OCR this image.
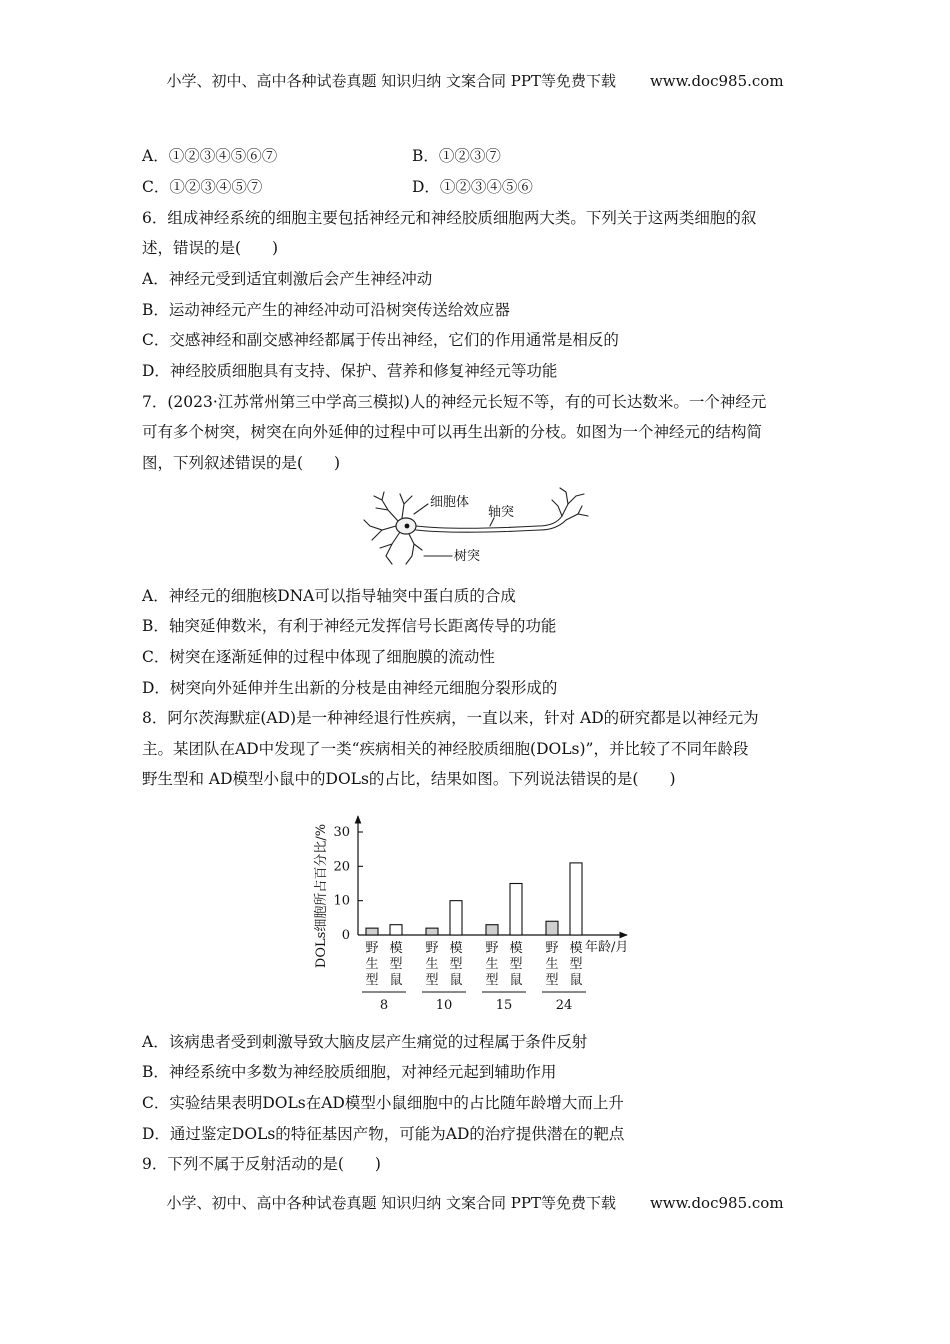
小学、初中、高中各种试卷真题 知识归纳 文案合同 PPT等免费下载 www.doc985.com
A．①②③④⑤⑥⑦	B．①②③⑦
C．①②③④⑤⑦	D．①②③④⑤⑥
6．组成神经系统的细胞主要包括神经元和神经胶质细胞两大类。下列关于这两类细胞的叙
述，错误的是(　　)
A．神经元受到适宜刺激后会产生神经冲动
B．运动神经元产生的神经冲动可沿树突传送给效应器
C．交感神经和副交感神经都属于传出神经，它们的作用通常是相反的
D．神经胶质细胞具有支持、保护、营养和修复神经元等功能
7．(2023·江苏常州第三中学高三模拟)人的神经元长短不等，有的可长达数米。一个神经元
可有多个树突，树突在向外延伸的过程中可以再生出新的分枝。如图为一个神经元的结构简
图，下列叙述错误的是(　　)
细胞体
轴突
树突
A．神经元的细胞核DNA可以指导轴突中蛋白质的合成
B．轴突延伸数米，有利于神经元发挥信号长距离传导的功能
C．树突在逐渐延伸的过程中体现了细胞膜的流动性
D．树突向外延伸并生出新的分枝是由神经元细胞分裂形成的
8．阿尔茨海默症(AD)是一种神经退行性疾病，一直以来，针对 AD的研究都是以神经元为
主。某团队在AD中发现了一类“疾病相关的神经胶质细胞(DOLs)”，并比较了不同年龄段
野生型和 AD模型小鼠中的DOLs的占比，结果如图。下列说法错误的是(　　)
DOLs细胞所占百分比/%	年龄/月
0
10
20
30
野
生
型
模
型
鼠
8
野
生
型
模
型
鼠
10
野
生
型
模
型
鼠
15
野
生
型
模
型
鼠
24
A．该病患者受到刺激导致大脑皮层产生痛觉的过程属于条件反射
B．神经系统中多数为神经胶质细胞，对神经元起到辅助作用
C．实验结果表明DOLs在AD模型小鼠细胞中的占比随年龄增大而上升
D．通过鉴定DOLs的特征基因产物，可能为AD的治疗提供潜在的靶点
9．下列不属于反射活动的是(　　)
小学、初中、高中各种试卷真题 知识归纳 文案合同 PPT等免费下载 www.doc985.com
